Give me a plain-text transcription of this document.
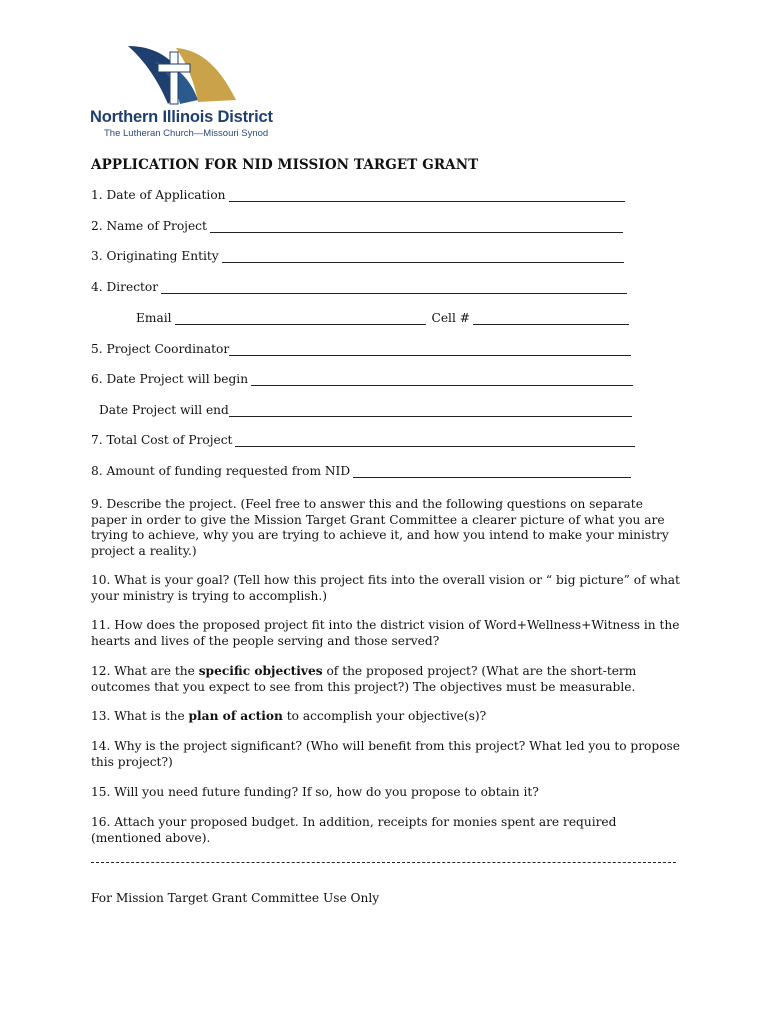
Northern Illinois District
The Lutheran Church—Missouri Synod
APPLICATION FOR NID MISSION TARGET GRANT
1. Date of Application
2. Name of Project
3. Originating Entity
4. Director
Email	Cell #
5. Project Coordinator
6. Date Project will begin
Date Project will end
7. Total Cost of Project
8. Amount of funding requested from NID

9. Describe the project. (Feel free to answer this and the following questions on separate paper in order to give the Mission Target Grant Committee a clearer picture of what you are trying to achieve, why you are trying to achieve it, and how you intend to make your ministry project a reality.)

10. What is your goal? (Tell how this project fits into the overall vision or “ big picture” of what your ministry is trying to accomplish.)

11. How does the proposed project fit into the district vision of Word+Wellness+Witness in the hearts and lives of the people serving and those served?

12. What are the specific objectives of the proposed project? (What are the short-term outcomes that you expect to see from this project?) The objectives must be measurable.

13. What is the plan of action to accomplish your objective(s)?

14. Why is the project significant? (Who will benefit from this project? What led you to propose this project?)

15. Will you need future funding? If so, how do you propose to obtain it?

16. Attach your proposed budget. In addition, receipts for monies spent are required (mentioned above).

For Mission Target Grant Committee Use Only
